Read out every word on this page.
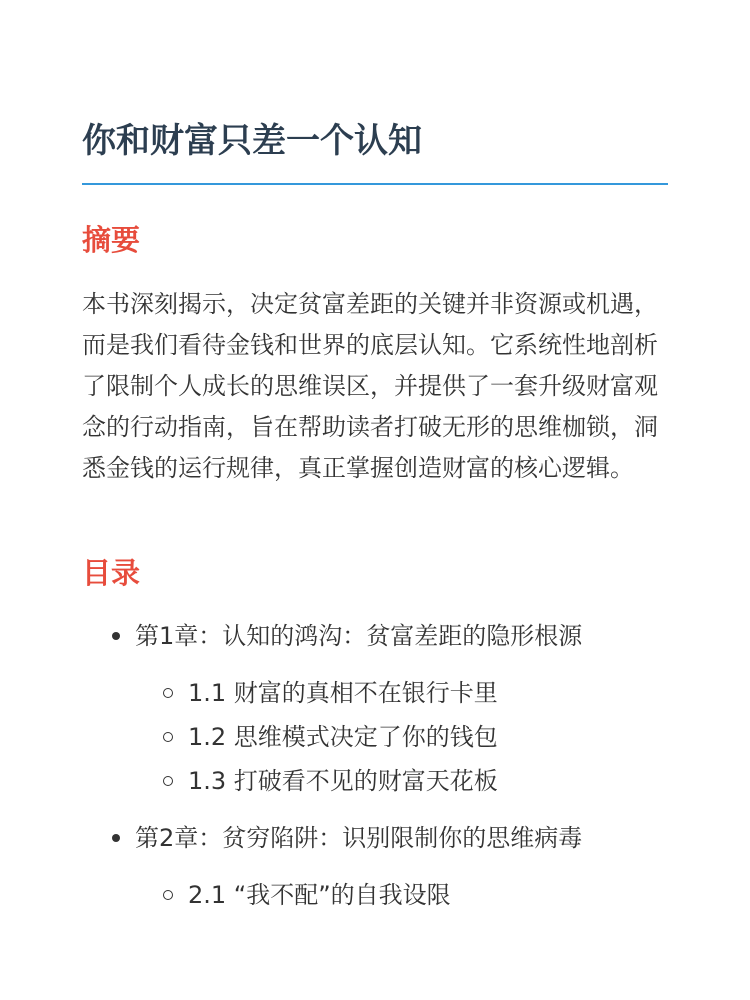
你和财富只差一个认知
摘要

本书深刻揭示，决定贫富差距的关键并非资源或机遇，而是我们看待金钱和世界的底层认知。它系统性地剖析了限制个人成长的思维误区，并提供了一套升级财富观念的行动指南，旨在帮助读者打破无形的思维枷锁，洞悉金钱的运行规律，真正掌握创造财富的核心逻辑。

目录
第1章：认知的鸿沟：贫富差距的隐形根源
1.1 财富的真相不在银行卡里
1.2 思维模式决定了你的钱包
1.3 打破看不见的财富天花板
第2章：贫穷陷阱：识别限制你的思维病毒
2.1 “我不配”的自我设限
